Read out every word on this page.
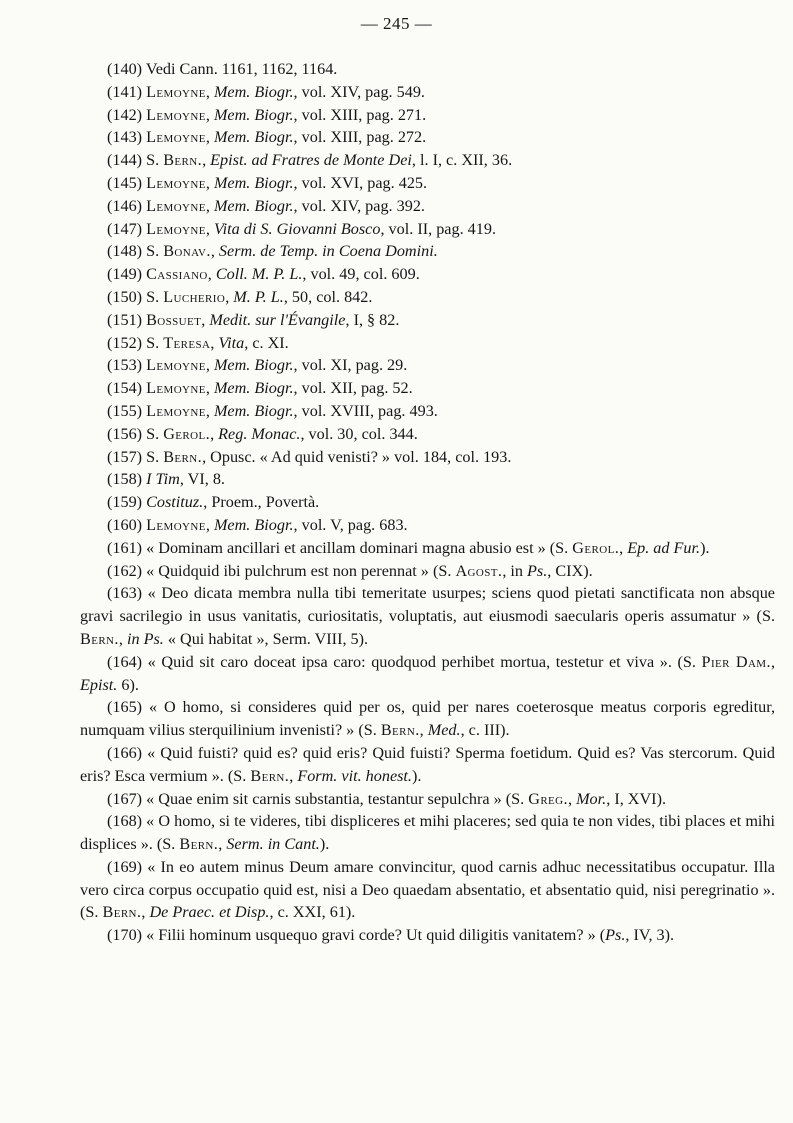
— 245 —

(140) Vedi Cann. 1161, 1162, 1164.

(141) Lemoyne, Mem. Biogr., vol. XIV, pag. 549.

(142) Lemoyne, Mem. Biogr., vol. XIII, pag. 271.

(143) Lemoyne, Mem. Biogr., vol. XIII, pag. 272.

(144) S. Bern., Epist. ad Fratres de Monte Dei, l. I, c. XII, 36.

(145) Lemoyne, Mem. Biogr., vol. XVI, pag. 425.

(146) Lemoyne, Mem. Biogr., vol. XIV, pag. 392.

(147) Lemoyne, Vita di S. Giovanni Bosco, vol. II, pag. 419.

(148) S. Bonav., Serm. de Temp. in Coena Domini.

(149) Cassiano, Coll. M. P. L., vol. 49, col. 609.

(150) S. Lucherio, M. P. L., 50, col. 842.

(151) Bossuet, Medit. sur l'Évangile, I, § 82.

(152) S. Teresa, Vita, c. XI.

(153) Lemoyne, Mem. Biogr., vol. XI, pag. 29.

(154) Lemoyne, Mem. Biogr., vol. XII, pag. 52.

(155) Lemoyne, Mem. Biogr., vol. XVIII, pag. 493.

(156) S. Gerol., Reg. Monac., vol. 30, col. 344.

(157) S. Bern., Opusc. « Ad quid venisti? » vol. 184, col. 193.

(158) I Tim, VI, 8.

(159) Costituz., Proem., Povertà.

(160) Lemoyne, Mem. Biogr., vol. V, pag. 683.

(161) « Dominam ancillari et ancillam dominari magna abusio est » (S. Gerol., Ep. ad Fur.).

(162) « Quidquid ibi pulchrum est non perennat » (S. Agost., in Ps., CIX).

(163) « Deo dicata membra nulla tibi temeritate usurpes; sciens quod pietati sanctificata non absque gravi sacrilegio in usus vanitatis, curiositatis, voluptatis, aut eiusmodi saecularis operis assumatur » (S. Bern., in Ps. « Qui habitat », Serm. VIII, 5).

(164) « Quid sit caro doceat ipsa caro: quodquod perhibet mortua, testetur et viva ». (S. Pier Dam., Epist. 6).

(165) « O homo, si consideres quid per os, quid per nares coeterosque meatus corporis egreditur, numquam vilius sterquilinium invenisti? » (S. Bern., Med., c. III).

(166) « Quid fuisti? quid es? quid eris? Quid fuisti? Sperma foetidum. Quid es? Vas stercorum. Quid eris? Esca vermium ». (S. Bern., Form. vit. honest.).

(167) « Quae enim sit carnis substantia, testantur sepulchra » (S. Greg., Mor., I, XVI).

(168) « O homo, si te videres, tibi displiceres et mihi placeres; sed quia te non vides, tibi places et mihi displices ». (S. Bern., Serm. in Cant.).

(169) « In eo autem minus Deum amare convincitur, quod carnis adhuc necessitatibus occupatur. Illa vero circa corpus occupatio quid est, nisi a Deo quaedam absentatio, et absentatio quid, nisi peregrinatio ». (S. Bern., De Praec. et Disp., c. XXI, 61).

(170) « Filii hominum usquequo gravi corde? Ut quid diligitis vanitatem? » (Ps., IV, 3).
